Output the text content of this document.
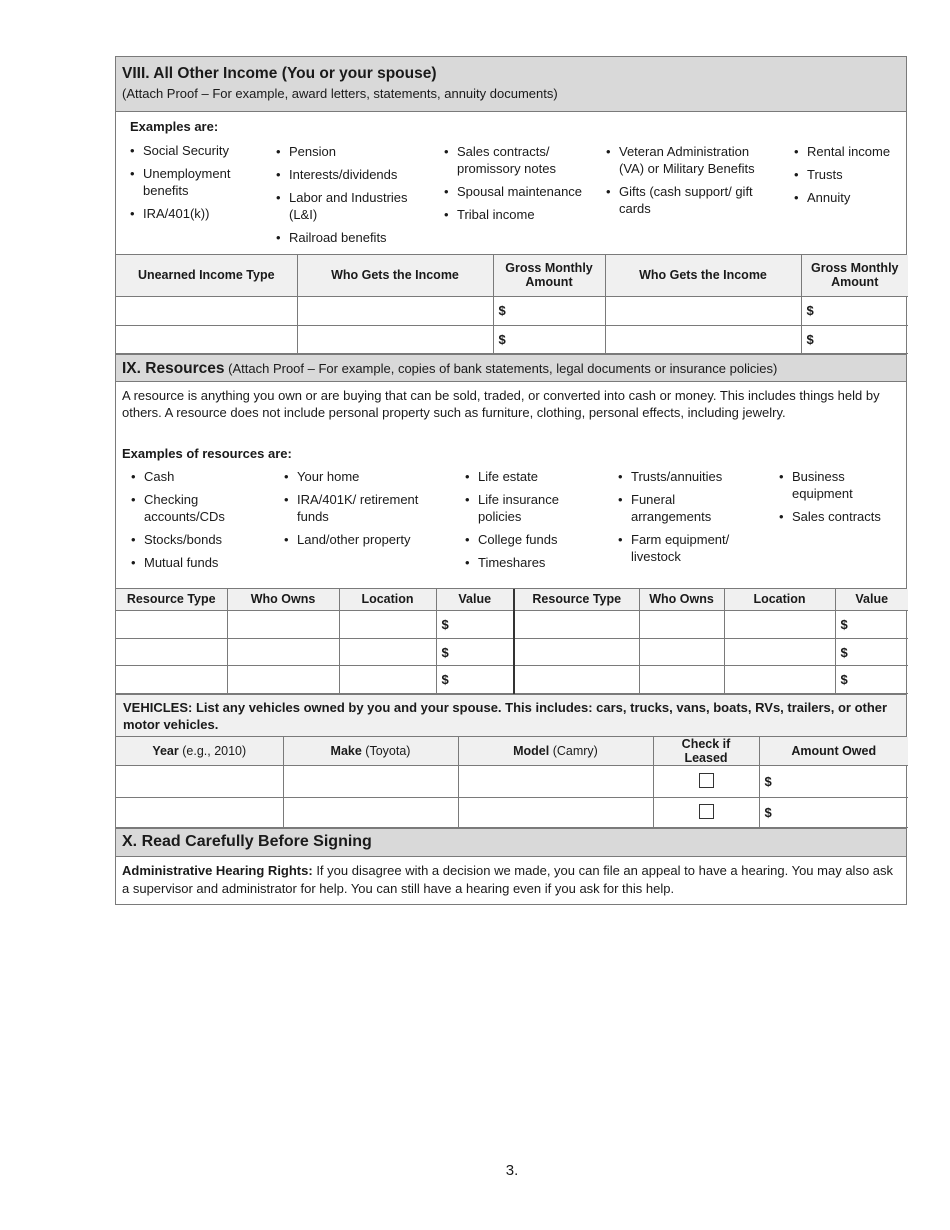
VIII. All Other Income (You or your spouse)
(Attach Proof – For example, award letters, statements, annuity documents)
Examples are:
• Social Security
• Unemployment benefits
• IRA/401(k))
• Pension
• Interests/dividends
• Labor and Industries (L&I)
• Railroad benefits
• Sales contracts/ promissory notes
• Spousal maintenance
• Tribal income
• Veteran Administration (VA) or Military Benefits
• Gifts (cash support/ gift cards
• Rental income
• Trusts
• Annuity
Unearned Income Type	Who Gets the Income	Gross Monthly Amount	Who Gets the Income	Gross Monthly Amount
		$		$
		$		$
IX. Resources (Attach Proof – For example, copies of bank statements, legal documents or insurance policies)
A resource is anything you own or are buying that can be sold, traded, or converted into cash or money. This includes things held by others. A resource does not include personal property such as furniture, clothing, personal effects, including jewelry.
Examples of resources are:
• Cash
• Checking accounts/CDs
• Stocks/bonds
• Mutual funds
• Your home
• IRA/401K/ retirement funds
• Land/other property
• Life estate
• Life insurance policies
• College funds
• Timeshares
• Trusts/annuities
• Funeral arrangements
• Farm equipment/ livestock
• Business equipment
• Sales contracts
Resource Type	Who Owns	Location	Value	Resource Type	Who Owns	Location	Value
			$				$
			$				$
			$				$
VEHICLES: List any vehicles owned by you and your spouse. This includes: cars, trucks, vans, boats, RVs, trailers, or other motor vehicles.
Year (e.g., 2010)	Make (Toyota)	Model (Camry)	Check if Leased	Amount Owed
				$
				$
X. Read Carefully Before Signing
Administrative Hearing Rights: If you disagree with a decision we made, you can file an appeal to have a hearing. You may also ask a supervisor and administrator for help. You can still have a hearing even if you ask for this help.
3.
